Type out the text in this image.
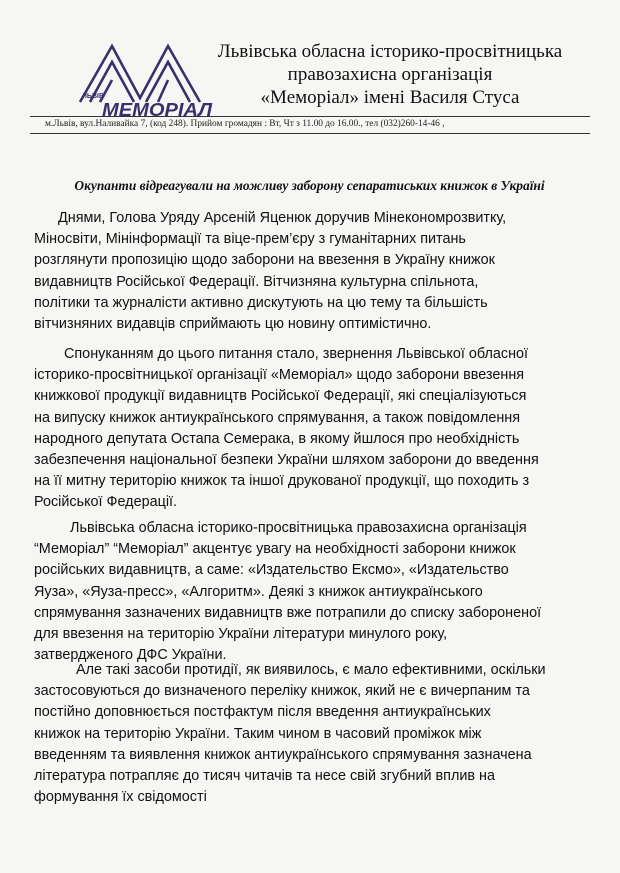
ЛЬВІВ
МЕМОРІАЛ
Львівська обласна історико-просвітницька
правозахисна організація
«Меморіал» імені Василя Стуса
м.Львів, вул.Наливайка 7, (код 248). Прийом громадян : Вт, Чт з 11.00 до 16.00., тел (032)260-14-46 ,
Окупанти відреагували на можливу заборону сепаратиських книжок в Україні

Днями, Голова Уряду Арсеній Яценюк доручив Мінекономрозвитку,
Міносвіти, Мінінформації та віце-прем’єру з гуманітарних питань
розглянути пропозицію щодо заборони на ввезення в Україну книжок
видавництв Російської Федерації. Вітчизняна культурна спільнота,
політики та журналісти активно дискутують на цю тему та більшість
вітчизняних видавців сприймають цю новину оптимістично.

Спонуканням до цього питання стало, звернення Львівської обласної
історико-просвітницької організації «Меморіал» щодо заборони ввезення
книжкової продукції видавництв Російської Федерації, які спеціалізуються
на випуску книжок антиукраїнського спрямування, а також повідомлення
народного депутата Остапа Семерака, в якому йшлося про необхідність
забезпечення національної безпеки України шляхом заборони до введення
на її митну територію книжок та іншої друкованої продукції, що походить з
Російської Федерації.

Львівська обласна історико-просвітницька правозахисна організація
“Меморіал” “Меморіал” акцентує увагу на необхідності заборони книжок
російських видавництв, а саме: «Издательство Ексмо», «Издательство
Яуза», «Яуза-пресс», «Алгоритм». Деякі з книжок антиукраїнського
спрямування зазначених видавництв вже потрапили до списку забороненої
для ввезення на територію України літератури минулого року,
затвердженого ДФС України.

Але такі засоби протидії, як виявилось, є мало ефективними, оскільки
застосовуються до визначеного переліку книжок, який не є вичерпаним та
постійно доповнюється постфактум після введення антиукраїнських
книжок на територію України. Таким чином в часовий проміжок між
введенням та виявлення книжок антиукраїнського спрямування зазначена
література потрапляє до тисяч читачів та несе свій згубний вплив на
формування їх свідомості
